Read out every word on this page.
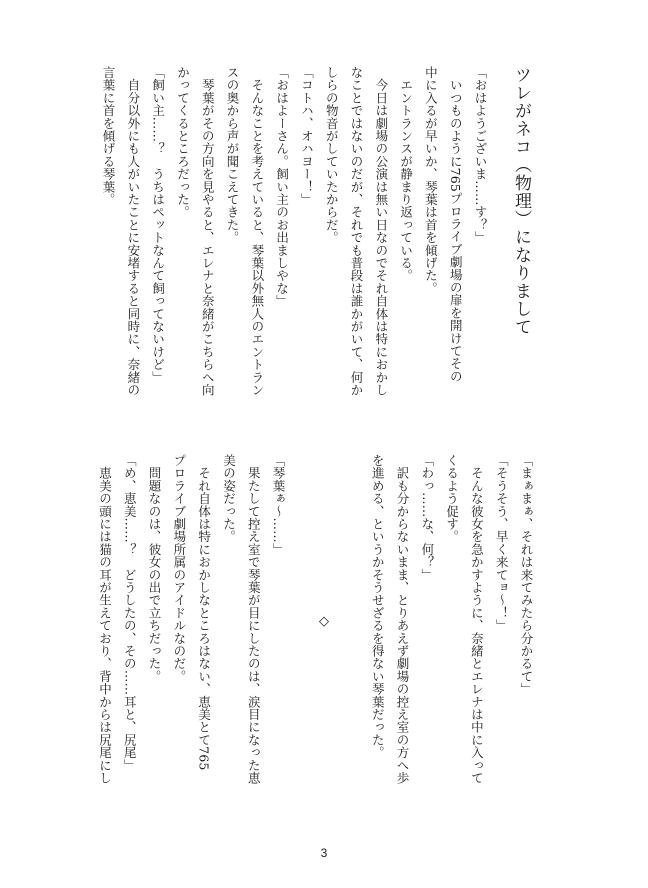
ツレがネコ（物理）になりまして

「おはようございま……す？」

　いつものように765プロライブ劇場の扉を開けてその

中に入るが早いか、琴葉は首を傾げた。

　エントランスが静まり返っている。

　今日は劇場の公演は無い日なのでそれ自体は特におかし

なことではないのだが、それでも普段は誰かがいて、何か

しらの物音がしていたからだ。

「コトハ、オハヨー！」

「おはよーさん。飼い主のお出ましやな」

　そんなことを考えていると、琴葉以外無人のエントラン

スの奥から声が聞こえてきた。

　琴葉がその方向を見やると、エレナと奈緒がこちらへ向

かってくるところだった。

「飼い主……？　うちはペットなんて飼ってないけど」

　自分以外にも人がいたことに安堵すると同時に、奈緒の

言葉に首を傾げる琴葉。

「まぁまぁ、それは来てみたら分かるて」

「そうそう、早く来てョ～！」

　そんな彼女を急かすように、奈緒とエレナは中に入って

くるよう促す。

「わっ……な、何？」

　訳も分からないまま、とりあえず劇場の控え室の方へ歩

を進める、というかそうせざるを得ない琴葉だった。

「琴葉ぁ～……」

　果たして控え室で琴葉が目にしたのは、涙目になった恵

美の姿だった。

　それ自体は特におかしなところはない、恵美とて765

プロライブ劇場所属のアイドルなのだ。

　問題なのは、彼女の出で立ちだった。

「め、恵美……？　どうしたの、その……耳と、尻尾」

　恵美の頭には猫の耳が生えており、背中からは尻尾にし	◇
3
